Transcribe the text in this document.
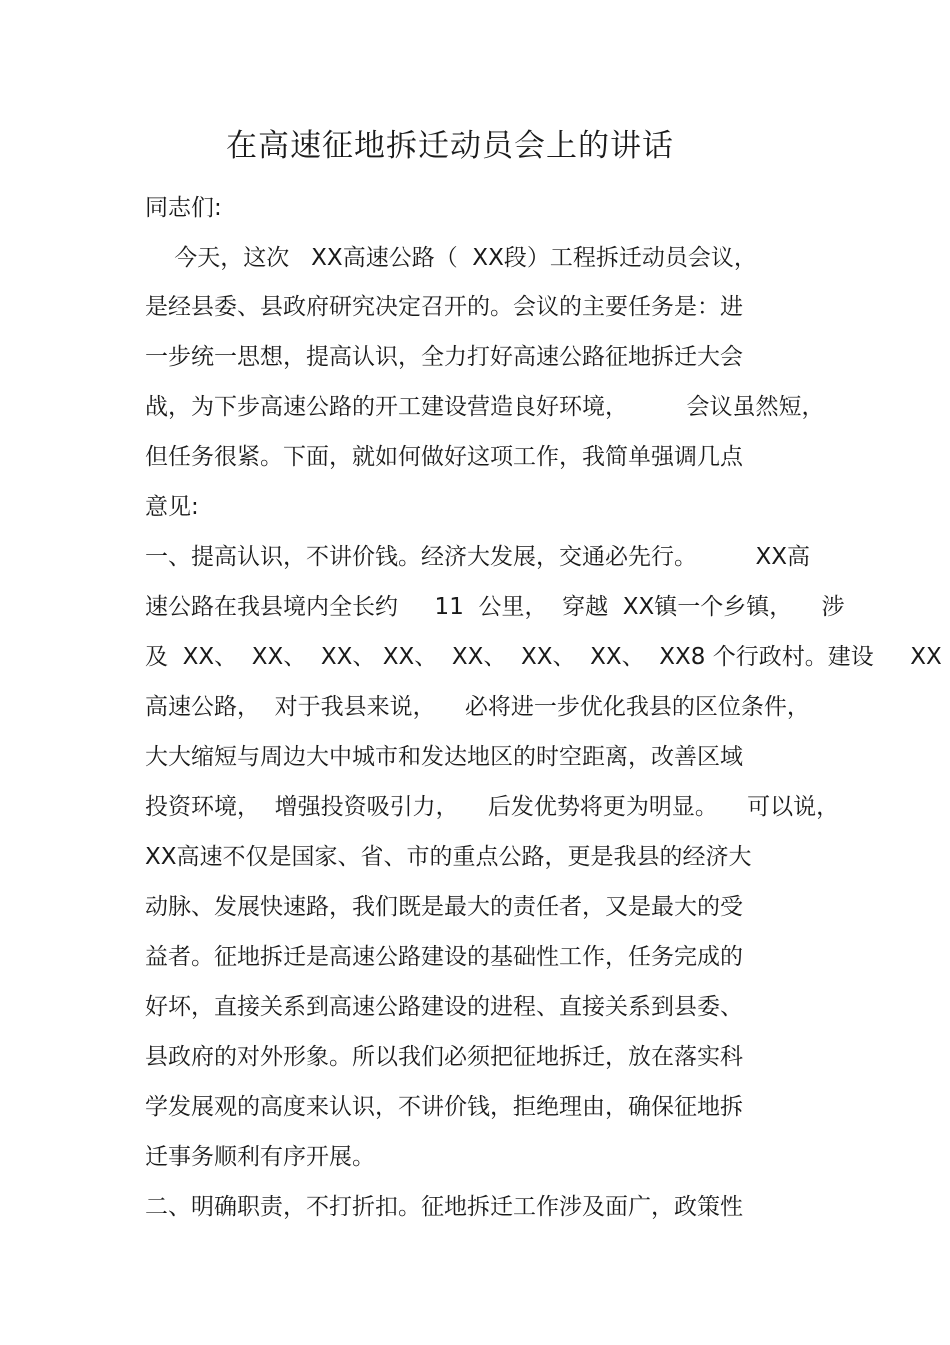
在高速征地拆迁动员会上的讲话

同志们:

今天，这次   XX高速公路（  XX段）工程拆迁动员会议，

是经县委、县政府研究决定召开的。会议的主要任务是：进

一步统一思想，提高认识，全力打好高速公路征地拆迁大会

战，为下步高速公路的开工建设营造良好环境，        会议虽然短，

但任务很紧。下面，就如何做好这项工作，我简单强调几点

意见:

一、提高认识，不讲价钱。经济大发展，交通必先行。        XX高

速公路在我县境内全长约     11  公里，  穿越  XX镇一个乡镇，    涉

及  XX、  XX、  XX、 XX、  XX、  XX、  XX、  XX8 个行政村。建设     XX

高速公路，  对于我县来说，    必将进一步优化我县的区位条件，

大大缩短与周边大中城市和发达地区的时空距离，改善区域

投资环境，  增强投资吸引力，    后发优势将更为明显。    可以说，

XX高速不仅是国家、省、市的重点公路，更是我县的经济大

动脉、发展快速路，我们既是最大的责任者，又是最大的受

益者。征地拆迁是高速公路建设的基础性工作，任务完成的

好坏，直接关系到高速公路建设的进程、直接关系到县委、

县政府的对外形象。所以我们必须把征地拆迁，放在落实科

学发展观的高度来认识，不讲价钱，拒绝理由，确保征地拆

迁事务顺利有序开展。

二、明确职责，不打折扣。征地拆迁工作涉及面广，政策性
